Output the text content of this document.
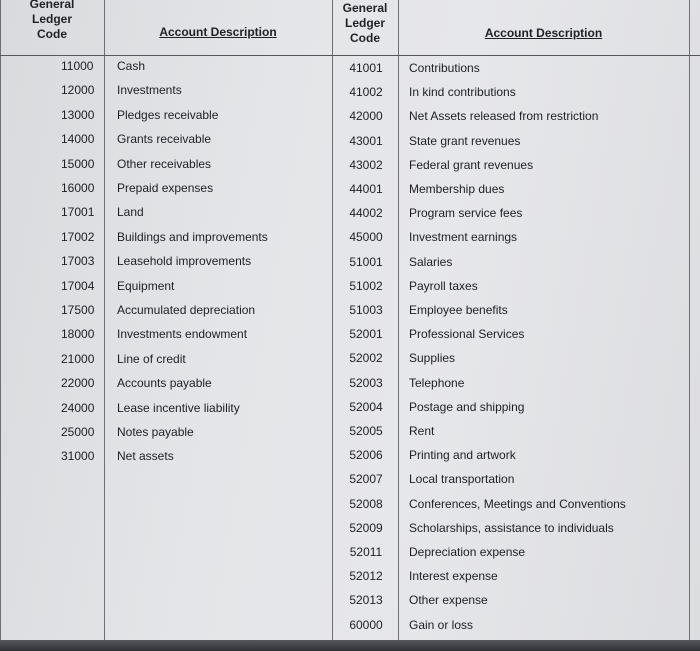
General
Ledger
Code	Account Description
General
Ledger
Code	Account Description
11000	Cash
12000	Investments
13000	Pledges receivable
14000	Grants receivable
15000	Other receivables
16000	Prepaid expenses
17001	Land
17002	Buildings and improvements
17003	Leasehold improvements
17004	Equipment
17500	Accumulated depreciation
18000	Investments endowment
21000	Line of credit
22000	Accounts payable
24000	Lease incentive liability
25000	Notes payable
31000	Net assets
41001	Contributions
41002	In kind contributions
42000	Net Assets released from restriction
43001	State grant revenues
43002	Federal grant revenues
44001	Membership dues
44002	Program service fees
45000	Investment earnings
51001	Salaries
51002	Payroll taxes
51003	Employee benefits
52001	Professional Services
52002	Supplies
52003	Telephone
52004	Postage and shipping
52005	Rent
52006	Printing and artwork
52007	Local transportation
52008	Conferences, Meetings and Conventions
52009	Scholarships, assistance to individuals
52011	Depreciation expense
52012	Interest expense
52013	Other expense
60000	Gain or loss
